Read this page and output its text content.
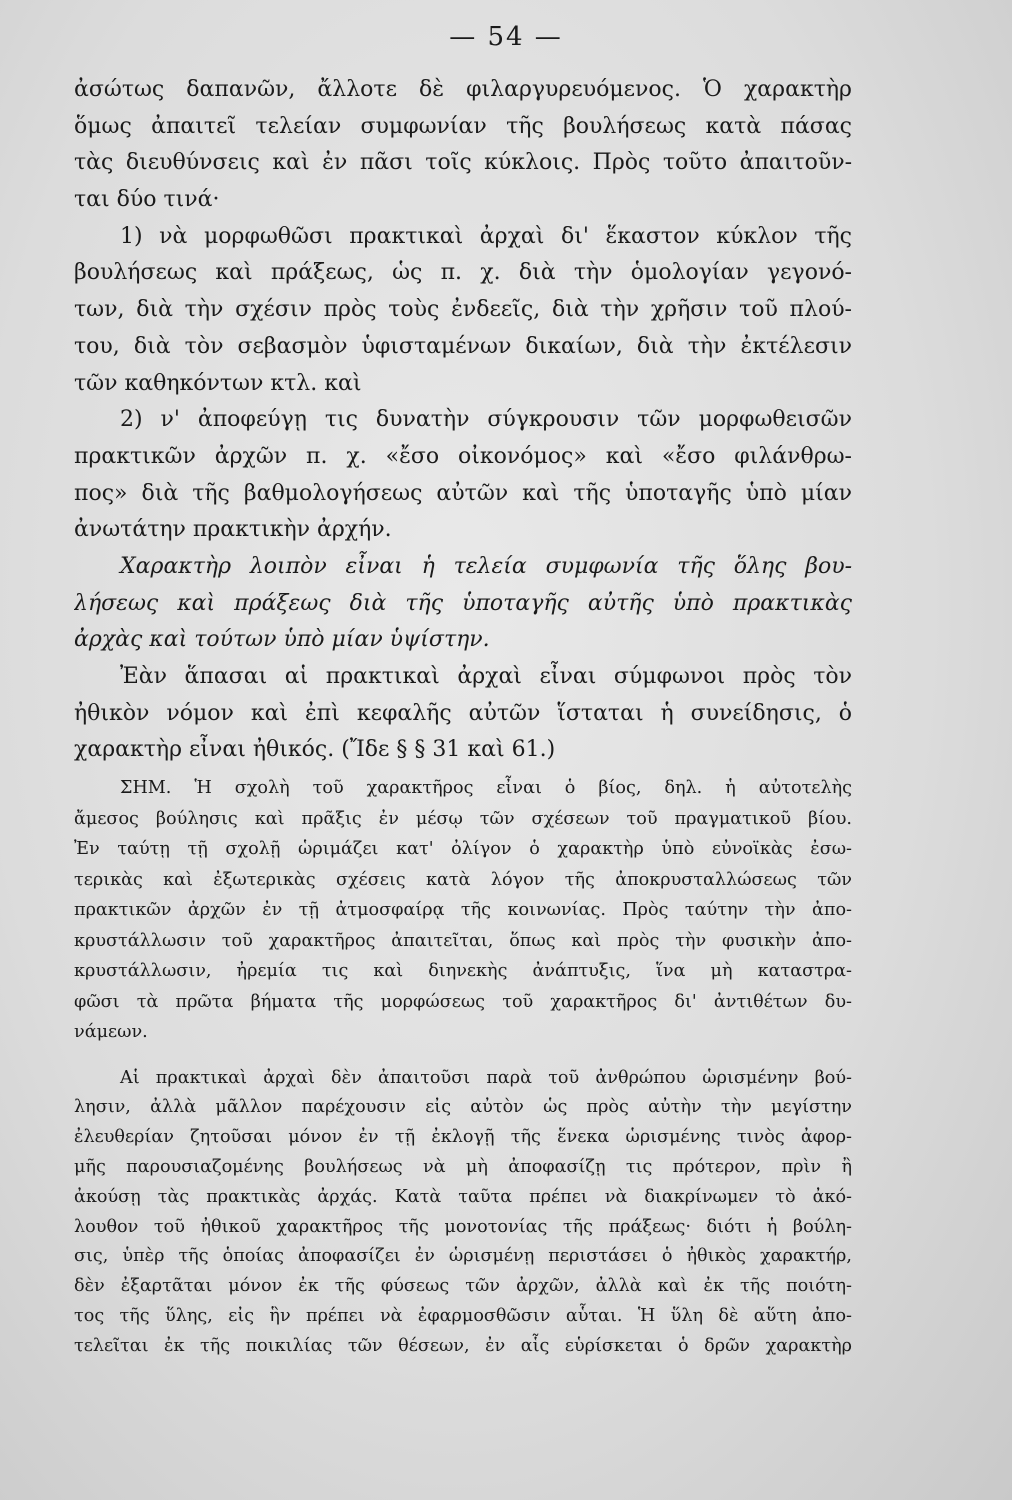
— 54 —
ἀσώτως δαπανῶν, ἄλλοτε δὲ φιλαργυρευόμενος. Ὁ χαρακτὴρ
ὅμως ἀπαιτεῖ τελείαν συμφωνίαν τῆς βουλήσεως κατὰ πάσας
τὰς διευθύνσεις καὶ ἐν πᾶσι τοῖς κύκλοις. Πρὸς τοῦτο ἀπαιτοῦν-
ται δύο τινά·
1) νὰ μορφωθῶσι πρακτικαὶ ἀρχαὶ δι' ἕκαστον κύκλον τῆς
βουλήσεως καὶ πράξεως, ὡς π. χ. διὰ τὴν ὁμολογίαν γεγονό-
των, διὰ τὴν σχέσιν πρὸς τοὺς ἐνδεεῖς, διὰ τὴν χρῆσιν τοῦ πλού-
του, διὰ τὸν σεβασμὸν ὑφισταμένων δικαίων, διὰ τὴν ἐκτέλεσιν
τῶν καθηκόντων κτλ. καὶ
2) ν' ἀποφεύγῃ τις δυνατὴν σύγκρουσιν τῶν μορφωθεισῶν
πρακτικῶν ἀρχῶν π. χ. «ἔσο οἰκονόμος» καὶ «ἔσο φιλάνθρω-
πος» διὰ τῆς βαθμολογήσεως αὐτῶν καὶ τῆς ὑποταγῆς ὑπὸ μίαν
ἀνωτάτην πρακτικὴν ἀρχήν.
Χαρακτὴρ λοιπὸν εἶναι ἡ τελεία συμφωνία τῆς ὅλης βου-
λήσεως καὶ πράξεως διὰ τῆς ὑποταγῆς αὐτῆς ὑπὸ πρακτικὰς
ἀρχὰς καὶ τούτων ὑπὸ μίαν ὑψίστην.
Ἐὰν ἅπασαι αἱ πρακτικαὶ ἀρχαὶ εἶναι σύμφωνοι πρὸς τὸν
ἠθικὸν νόμον καὶ ἐπὶ κεφαλῆς αὐτῶν ἵσταται ἡ συνείδησις, ὁ
χαρακτὴρ εἶναι ἠθικός. (Ἴδε § § 31 καὶ 61.)
ΣΗΜ. Ἡ σχολὴ τοῦ χαρακτῆρος εἶναι ὁ βίος, δηλ. ἡ αὐτοτελὴς
ἄμεσος βούλησις καὶ πρᾶξις ἐν μέσῳ τῶν σχέσεων τοῦ πραγματικοῦ βίου.
Ἐν ταύτῃ τῇ σχολῇ ὡριμάζει κατ' ὀλίγον ὁ χαρακτὴρ ὑπὸ εὐνοϊκὰς ἐσω-
τερικὰς καὶ ἐξωτερικὰς σχέσεις κατὰ λόγον τῆς ἀποκρυσταλλώσεως τῶν
πρακτικῶν ἀρχῶν ἐν τῇ ἀτμοσφαίρᾳ τῆς κοινωνίας. Πρὸς ταύτην τὴν ἀπο-
κρυστάλλωσιν τοῦ χαρακτῆρος ἀπαιτεῖται, ὅπως καὶ πρὸς τὴν φυσικὴν ἀπο-
κρυστάλλωσιν, ἠρεμία τις καὶ διηνεκὴς ἀνάπτυξις, ἵνα μὴ καταστρα-
φῶσι τὰ πρῶτα βήματα τῆς μορφώσεως τοῦ χαρακτῆρος δι' ἀντιθέτων δυ-
νάμεων.
Αἱ πρακτικαὶ ἀρχαὶ δὲν ἀπαιτοῦσι παρὰ τοῦ ἀνθρώπου ὡρισμένην βού-
λησιν, ἀλλὰ μᾶλλον παρέχουσιν εἰς αὐτὸν ὡς πρὸς αὐτὴν τὴν μεγίστην
ἐλευθερίαν ζητοῦσαι μόνον ἐν τῇ ἐκλογῇ τῆς ἕνεκα ὡρισμένης τινὸς ἀφορ-
μῆς παρουσιαζομένης βουλήσεως νὰ μὴ ἀποφασίζῃ τις πρότερον, πρὶν ἢ
ἀκούσῃ τὰς πρακτικὰς ἀρχάς. Κατὰ ταῦτα πρέπει νὰ διακρίνωμεν τὸ ἀκό-
λουθον τοῦ ἠθικοῦ χαρακτῆρος τῆς μονοτονίας τῆς πράξεως· διότι ἡ βούλη-
σις, ὑπὲρ τῆς ὁποίας ἀποφασίζει ἐν ὡρισμένῃ περιστάσει ὁ ἠθικὸς χαρακτήρ,
δὲν ἐξαρτᾶται μόνον ἐκ τῆς φύσεως τῶν ἀρχῶν, ἀλλὰ καὶ ἐκ τῆς ποιότη-
τος τῆς ὕλης, εἰς ἣν πρέπει νὰ ἐφαρμοσθῶσιν αὗται. Ἡ ὕλη δὲ αὕτη ἀπο-
τελεῖται ἐκ τῆς ποικιλίας τῶν θέσεων, ἐν αἷς εὑρίσκεται ὁ δρῶν χαρακτὴρ
